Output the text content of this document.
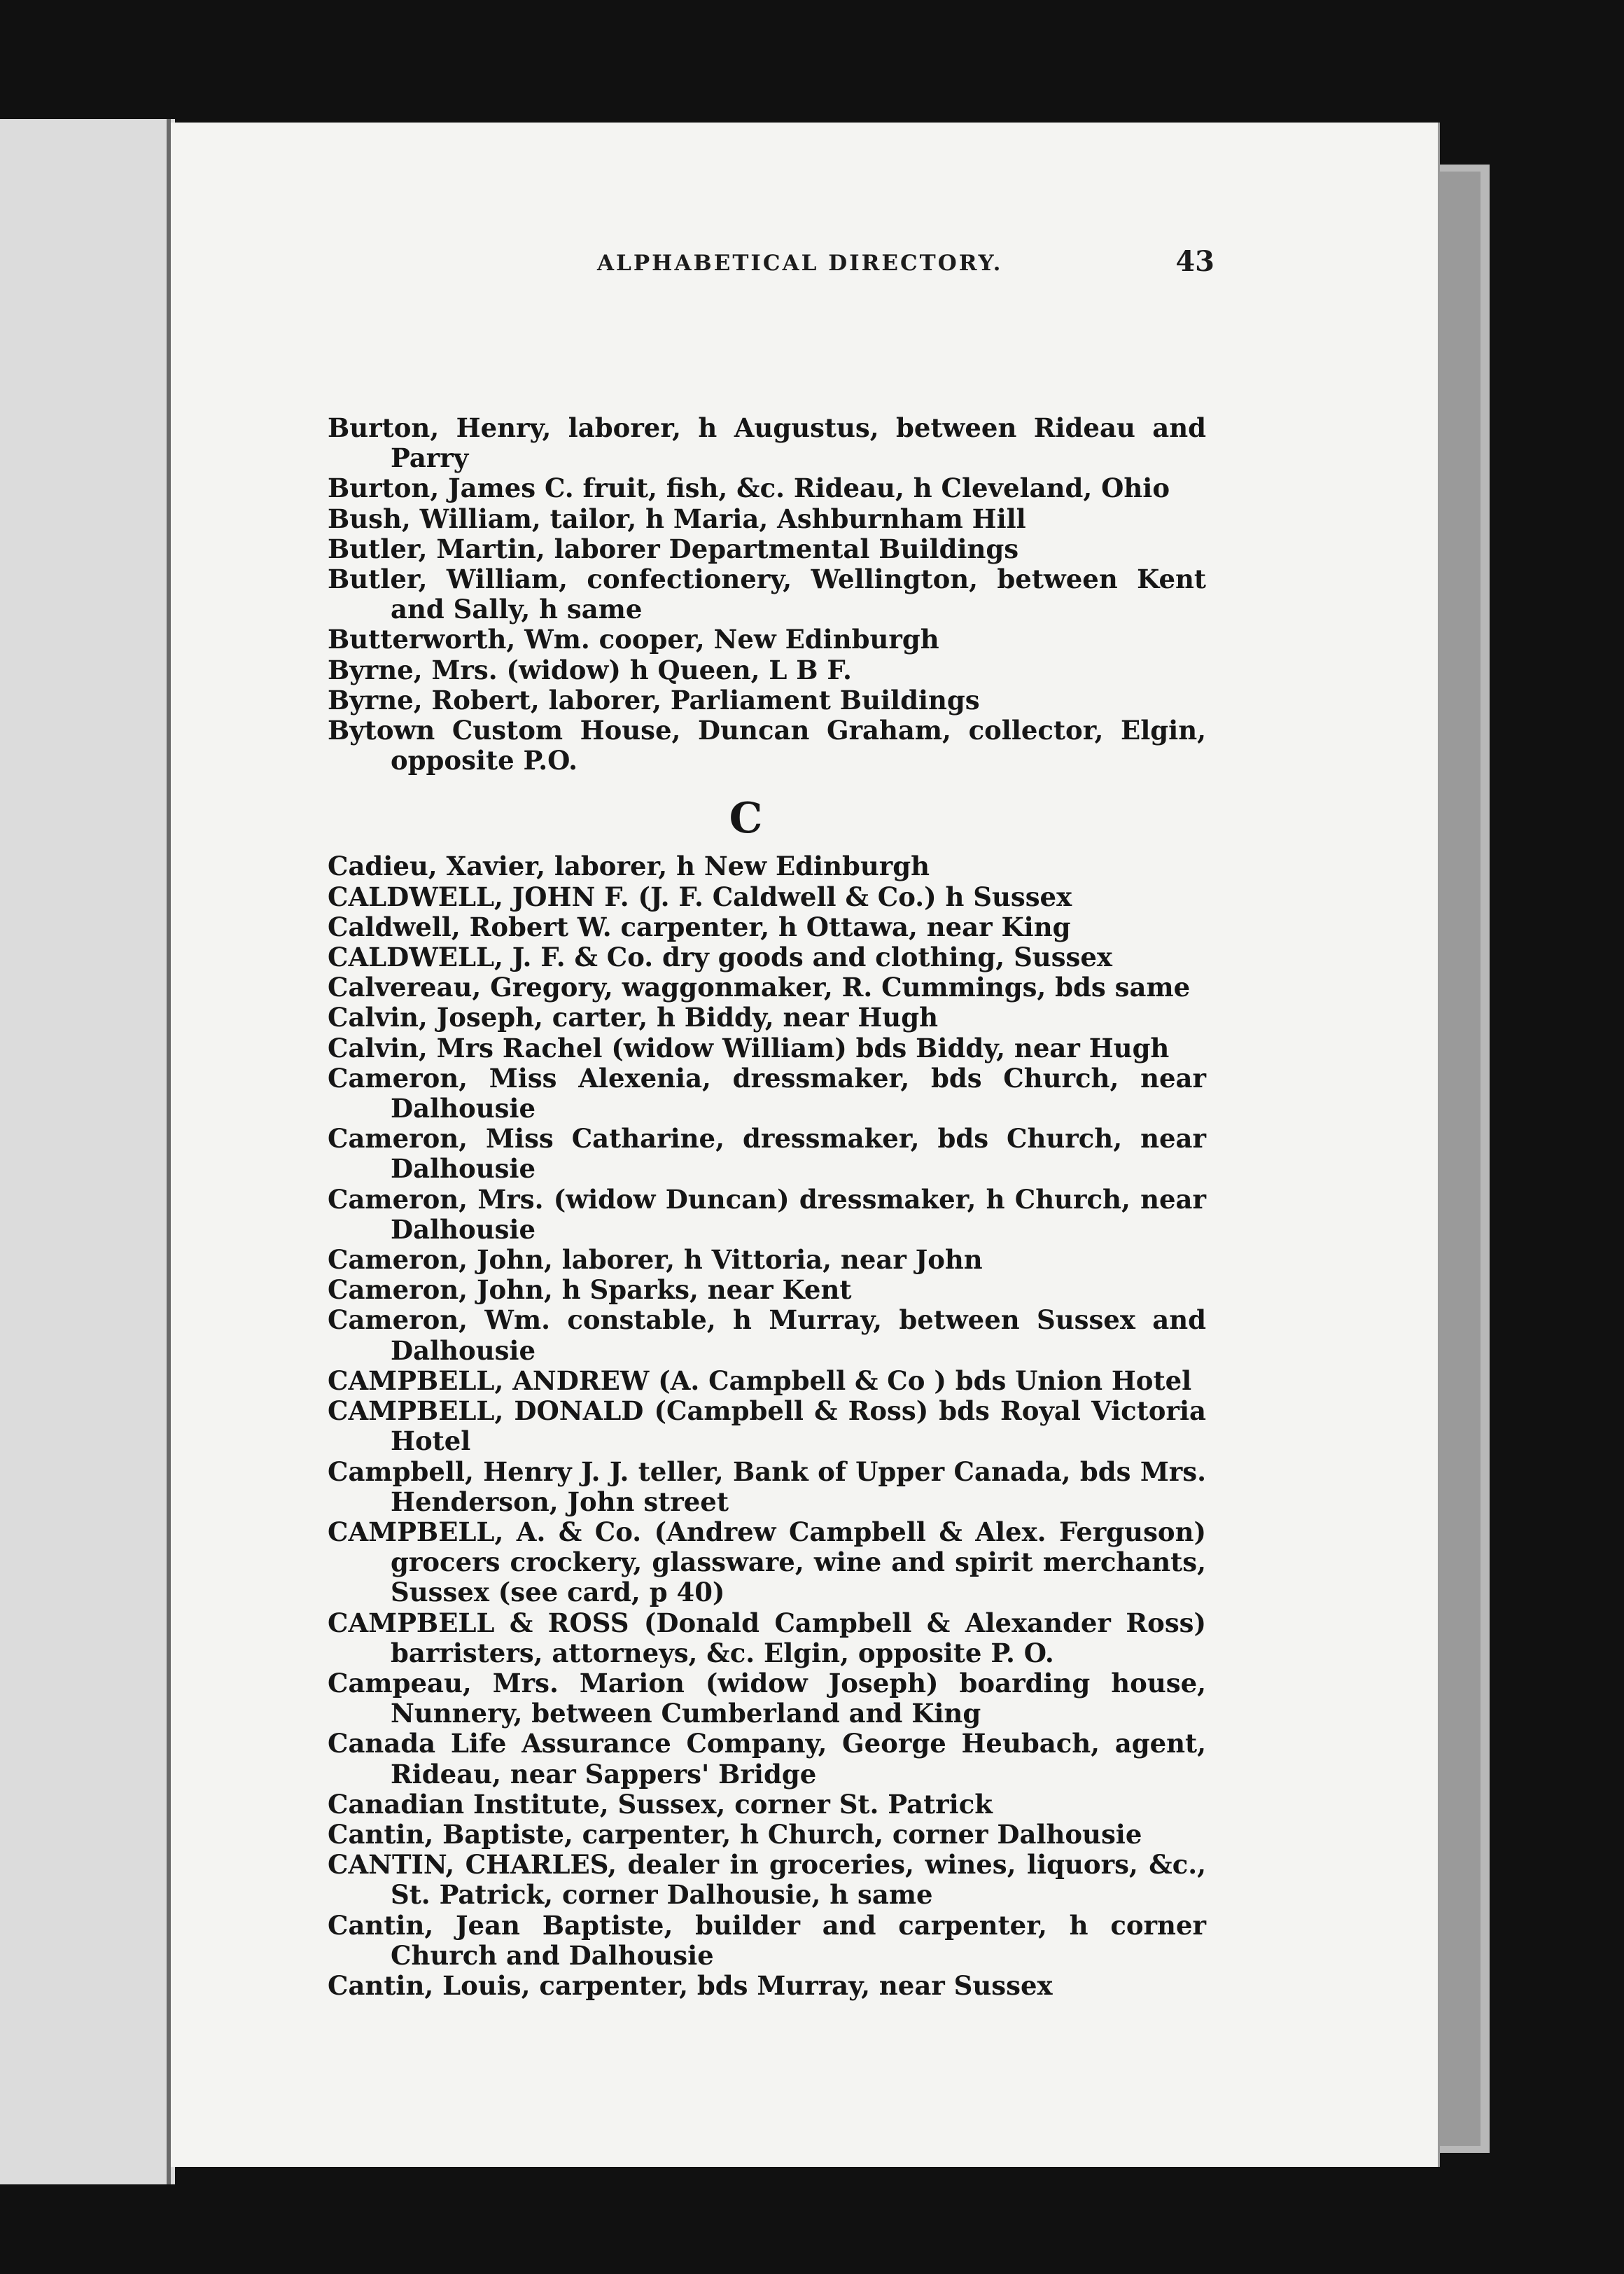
ALPHABETICAL DIRECTORY.	43
Burton, Henry, laborer, h Augustus, between Rideau and Parry
Burton, James C. fruit, fish, &c. Rideau, h Cleveland, Ohio
Bush, William, tailor, h Maria, Ashburnham Hill
Butler, Martin, laborer Departmental Buildings
Butler, William, confectionery, Wellington, between Kent and Sally, h same
Butterworth, Wm. cooper, New Edinburgh
Byrne, Mrs. (widow) h Queen, L B F.
Byrne, Robert, laborer, Parliament Buildings
Bytown Custom House, Duncan Graham, collector, Elgin, opposite P.O.
C
Cadieu, Xavier, laborer, h New Edinburgh
CALDWELL, JOHN F. (J. F. Caldwell & Co.) h Sussex
Caldwell, Robert W. carpenter, h Ottawa, near King
CALDWELL, J. F. & Co. dry goods and clothing, Sussex
Calvereau, Gregory, waggonmaker, R. Cummings, bds same
Calvin, Joseph, carter, h Biddy, near Hugh
Calvin, Mrs Rachel (widow William) bds Biddy, near Hugh
Cameron, Miss Alexenia, dressmaker, bds Church, near Dalhousie
Cameron, Miss Catharine, dressmaker, bds Church, near Dalhousie
Cameron, Mrs. (widow Duncan) dressmaker, h Church, near Dalhousie
Cameron, John, laborer, h Vittoria, near John
Cameron, John, h Sparks, near Kent
Cameron, Wm. constable, h Murray, between Sussex and Dalhousie
CAMPBELL, ANDREW (A. Campbell & Co ) bds Union Hotel
CAMPBELL, DONALD (Campbell & Ross) bds Royal Victoria Hotel
Campbell, Henry J. J. teller, Bank of Upper Canada, bds Mrs. Henderson, John street
CAMPBELL, A. & Co. (Andrew Campbell & Alex. Ferguson) grocers crockery, glassware, wine and spirit merchants, Sussex (see card, p 40)
CAMPBELL & ROSS (Donald Campbell & Alexander Ross) barristers, attorneys, &c. Elgin, opposite P. O.
Campeau, Mrs. Marion (widow Joseph) boarding house, Nunnery, between Cumberland and King
Canada Life Assurance Company, George Heubach, agent, Rideau, near Sappers' Bridge
Canadian Institute, Sussex, corner St. Patrick
Cantin, Baptiste, carpenter, h Church, corner Dalhousie
CANTIN, CHARLES, dealer in groceries, wines, liquors, &c., St. Patrick, corner Dalhousie, h same
Cantin, Jean Baptiste, builder and carpenter, h corner Church and Dalhousie
Cantin, Louis, carpenter, bds Murray, near Sussex
